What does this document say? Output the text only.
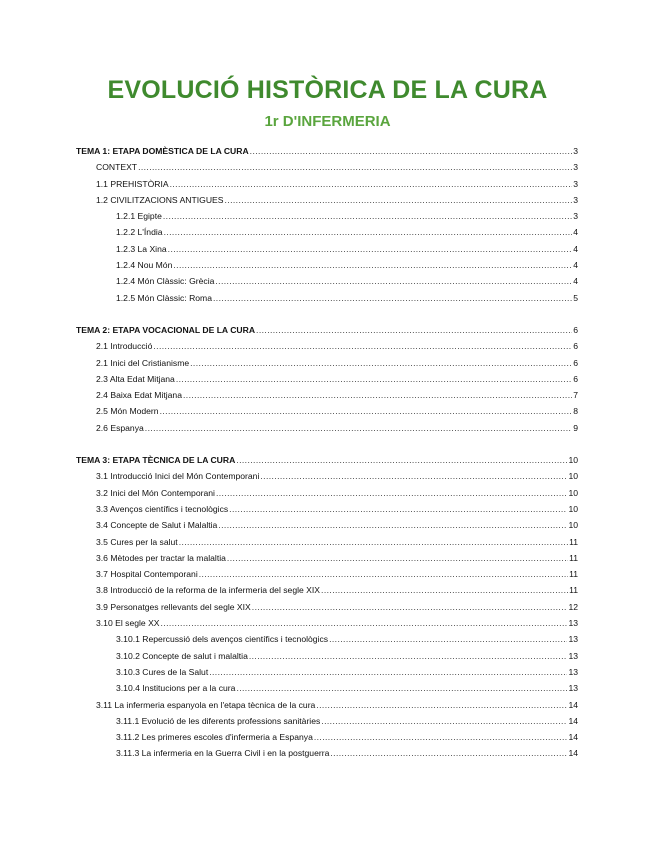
EVOLUCIÓ HISTÒRICA DE LA CURA
1r D'INFERMERIA
TEMA 1: ETAPA DOMÈSTICA DE LA CURA .....	3
CONTEXT .....	3
1.1 PREHISTÒRIA .....	3
1.2 CIVILITZACIONS ANTIGUES .....	3
1.2.1 Egipte .....	3
1.2.2 L'Índia .....	4
1.2.3 La Xina .....	4
1.2.4 Nou Món .....	4
1.2.4 Món Clàssic: Grècia .....	4
1.2.5 Món Clàssic: Roma .....	5
TEMA 2: ETAPA VOCACIONAL DE LA CURA .....	6
2.1 Introducció .....	6
2.1 Inici del Cristianisme .....	6
2.3 Alta Edat Mitjana .....	6
2.4 Baixa Edat Mitjana .....	7
2.5 Món Modern .....	8
2.6 Espanya .....	9
TEMA 3: ETAPA TÈCNICA DE LA CURA .....	10
3.1 Introducció Inici del Món Contemporani .....	10
3.2 Inici del Món Contemporani .....	10
3.3 Avenços científics i tecnològics .....	10
3.4 Concepte de Salut i Malaltia .....	10
3.5 Cures per la salut .....	11
3.6 Mètodes per tractar la malaltia .....	11
3.7 Hospital Contemporani .....	11
3.8 Introducció de la reforma de la infermeria del segle XIX .....	11
3.9 Personatges rellevants del segle XIX .....	12
3.10 El segle XX .....	13
3.10.1 Repercussió dels avenços científics i tecnològics .....	13
3.10.2 Concepte de salut i malaltia .....	13
3.10.3 Cures de la Salut .....	13
3.10.4 Institucions per a la cura .....	13
3.11 La infermeria espanyola en l'etapa tècnica de la cura .....	14
3.11.1 Evolució de les diferents professions sanitàries .....	14
3.11.2 Les primeres escoles d'infermeria a Espanya .....	14
3.11.3 La infermeria en la Guerra Civil i en la postguerra .....	14
